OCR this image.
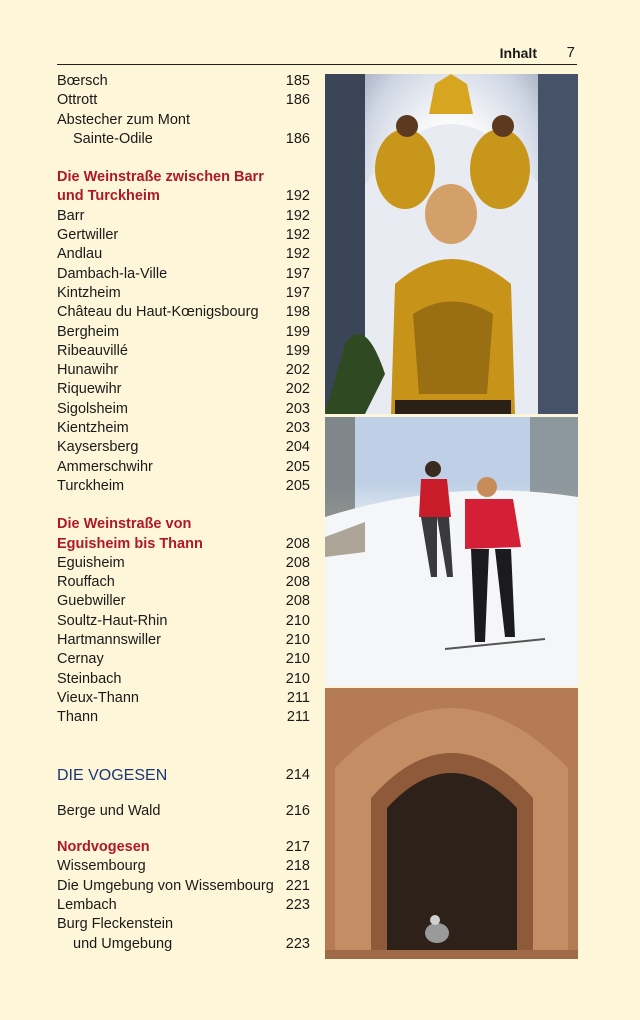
Inhalt 7
Bœrsch	185
Ottrott	186
Abstecher zum Mont
Sainte-Odile	186
Die Weinstraße zwischen Barr
und Turckheim	192
Barr	192
Gertwiller	192
Andlau	192
Dambach-la-Ville	197
Kintzheim	197
Château du Haut-Kœnigsbourg	198
Bergheim	199
Ribeauvillé	199
Hunawihr	202
Riquewihr	202
Sigolsheim	203
Kientzheim	203
Kaysersberg	204
Ammerschwihr	205
Turckheim	205
Die Weinstraße von
Eguisheim bis Thann	208
Eguisheim	208
Rouffach	208
Guebwiller	208
Soultz-Haut-Rhin	210
Hartmannswiller	210
Cernay	210
Steinbach	210
Vieux-Thann	211
Thann	211
DIE VOGESEN	214
Berge und Wald	216
Nordvogesen	217
Wissembourg	218
Die Umgebung von Wissembourg 221
Lembach	223
Burg Fleckenstein
und Umgebung	223
